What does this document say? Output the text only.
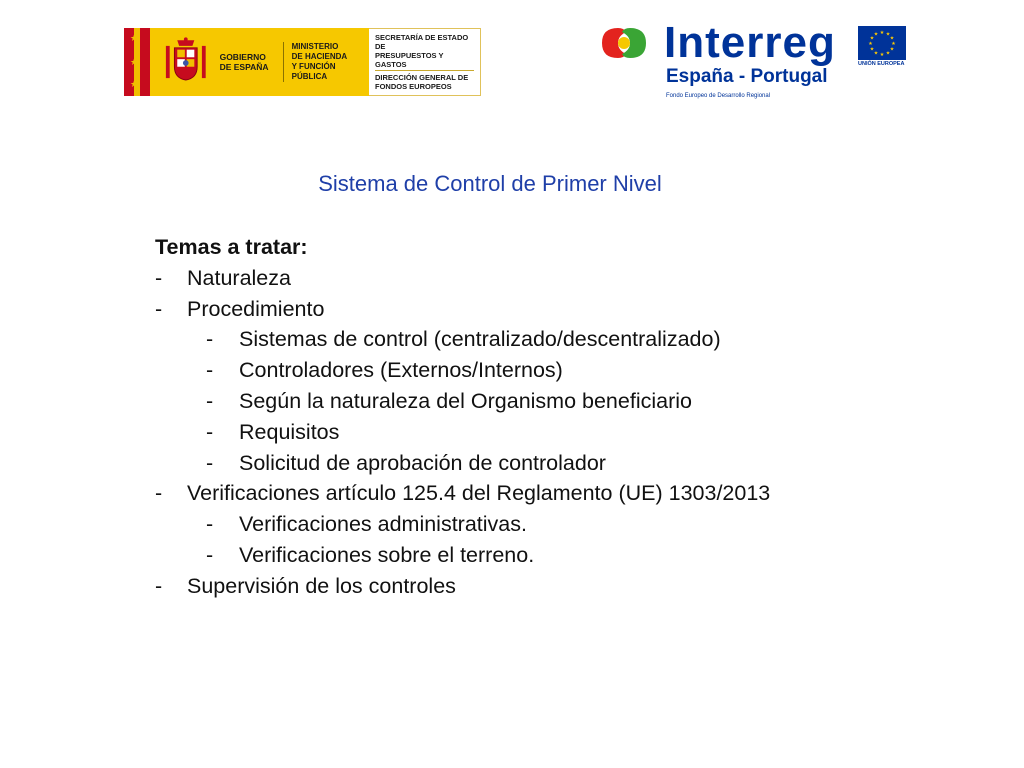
★
★
★
GOBIERNO
DE ESPAÑA
MINISTERIO
DE HACIENDA
Y FUNCIÓN PÚBLICA
SECRETARÍA DE ESTADO DE
PRESUPUESTOS Y GASTOS
DIRECCIÓN GENERAL DE
FONDOS EUROPEOS
Interreg
España - Portugal
Fondo Europeo de Desarrollo Regional
★ ★
★
★
★
★
★
★
★
★
★
★
UNIÓN EUROPEA
Sistema de Control de Primer Nivel
Temas a tratar:
- Naturaleza
- Procedimiento
- Sistemas de control (centralizado/descentralizado)
- Controladores (Externos/Internos)
- Según la naturaleza del Organismo beneficiario
- Requisitos
- Solicitud de aprobación de controlador
- Verificaciones artículo 125.4 del Reglamento (UE) 1303/2013
- Verificaciones administrativas.
- Verificaciones sobre el terreno.
- Supervisión de los controles
